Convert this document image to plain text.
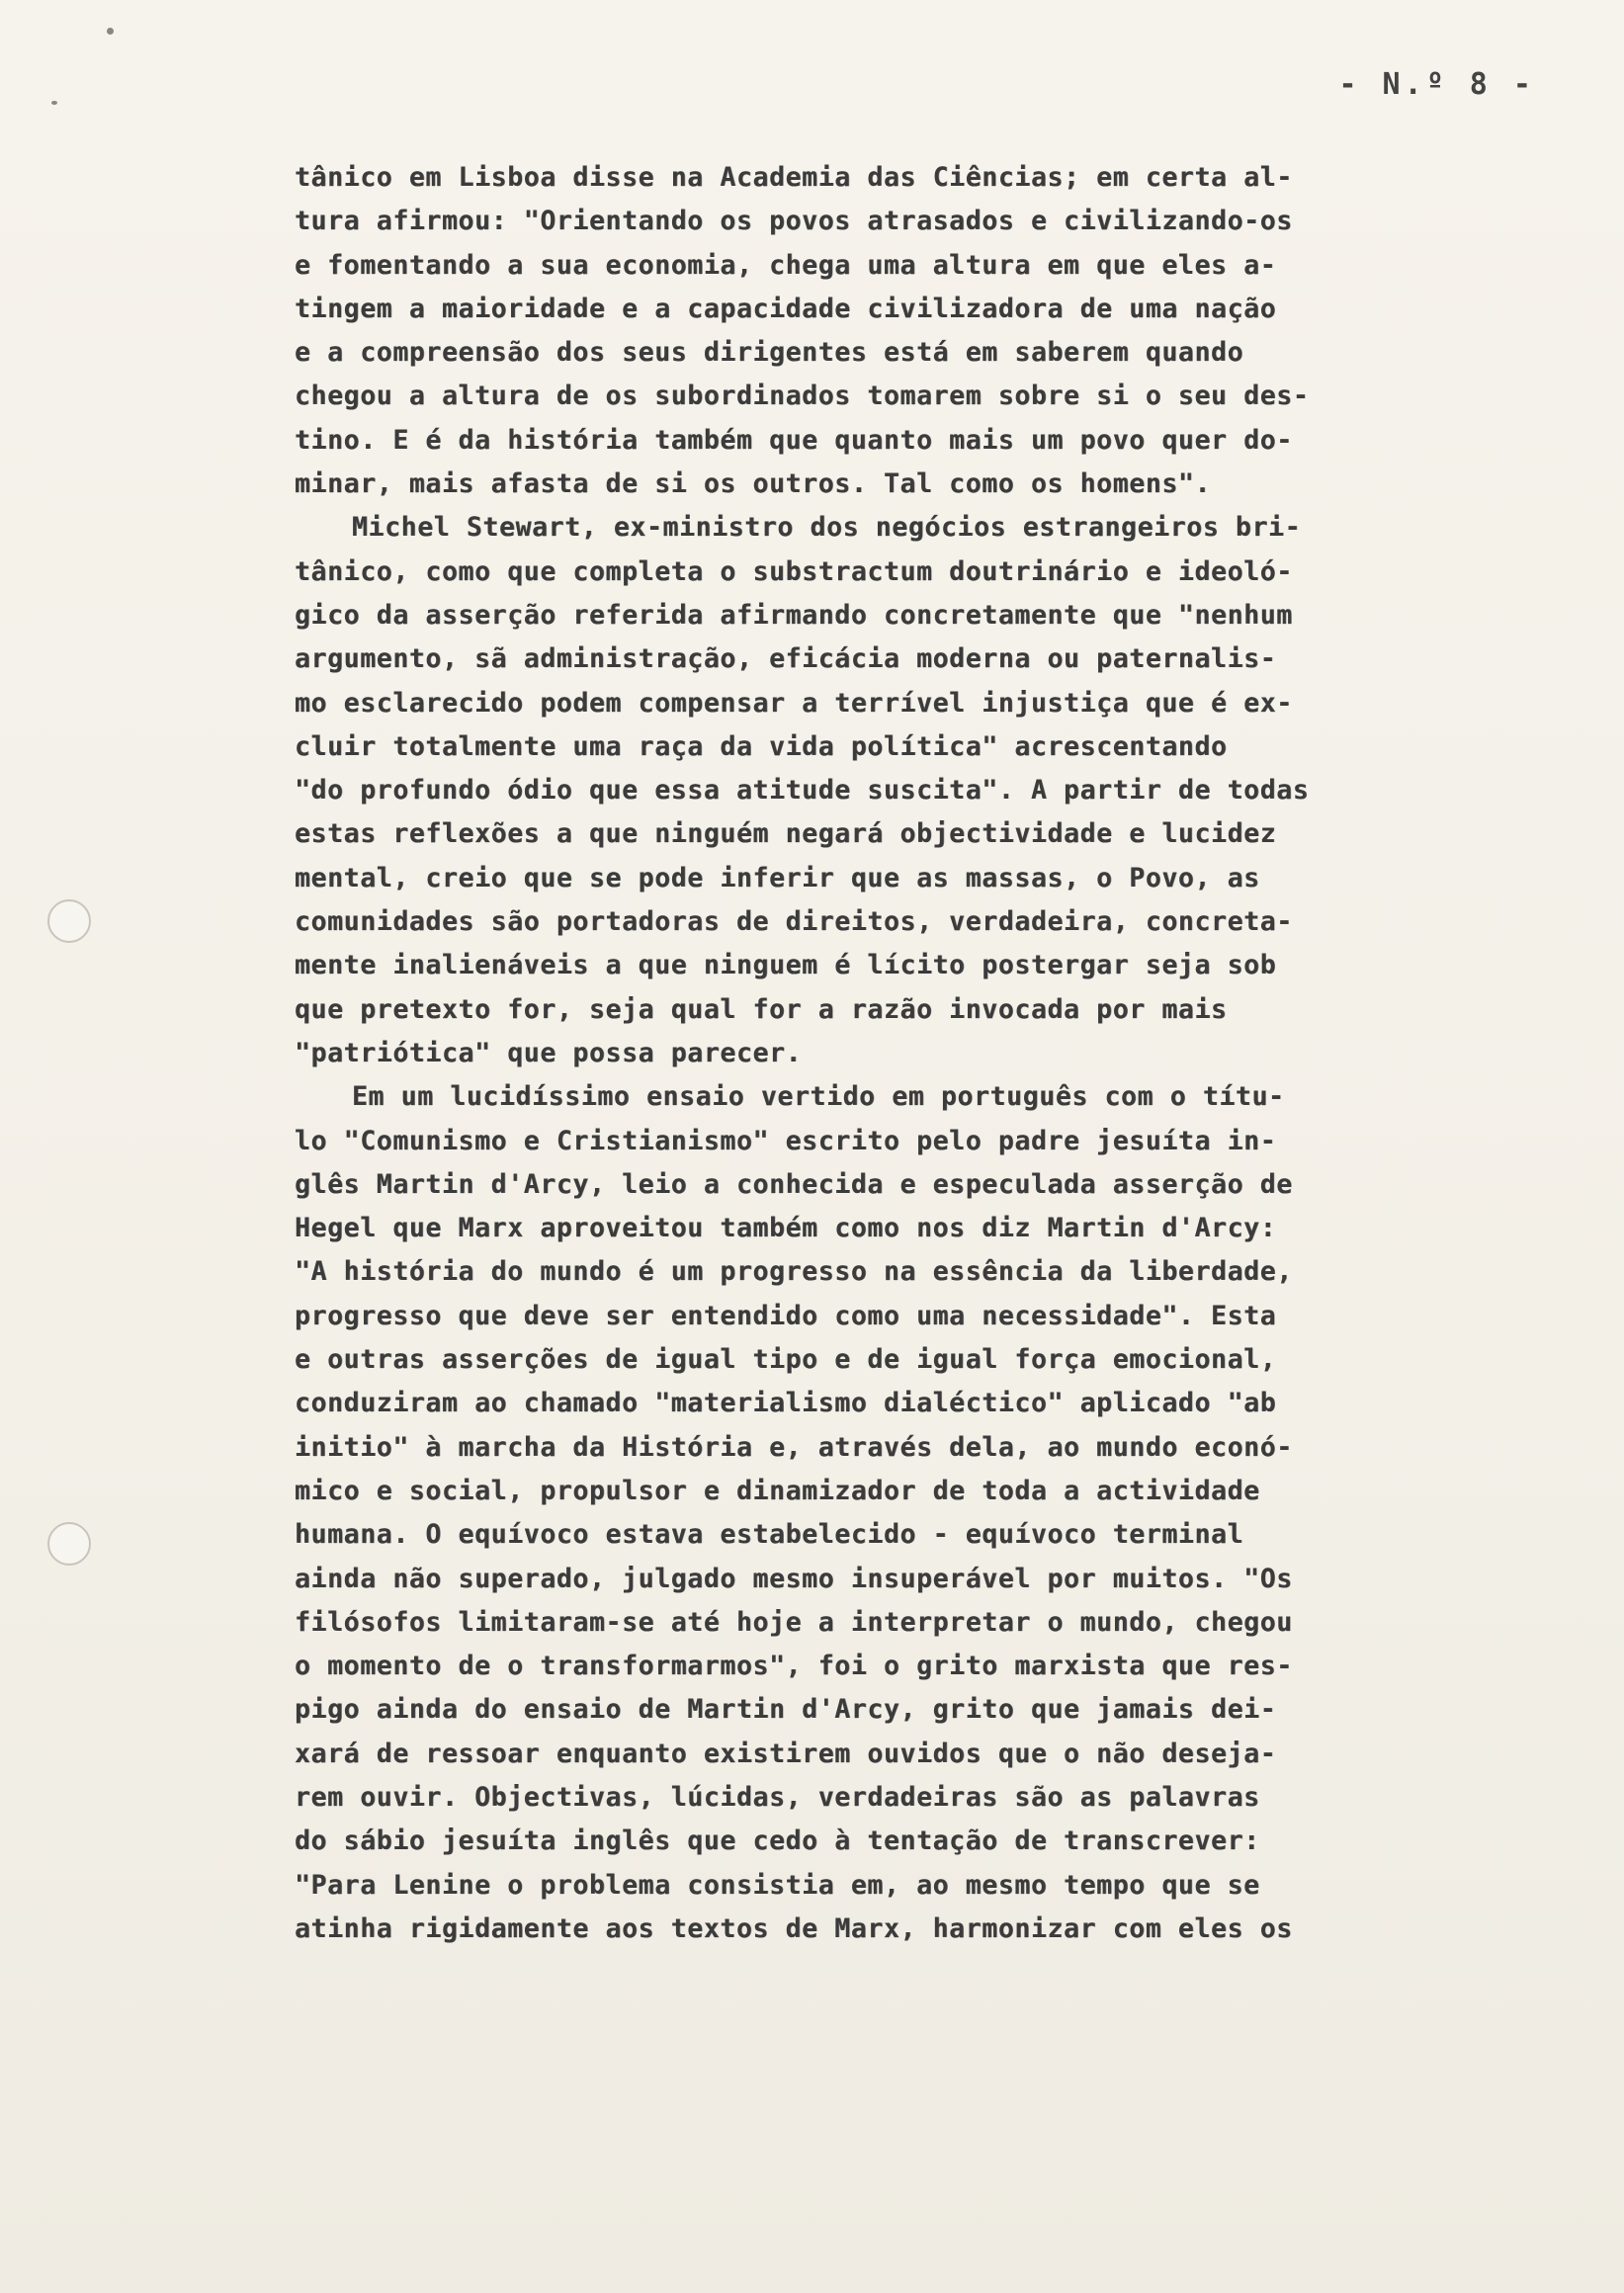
- N.º 8 -
tânico em Lisboa disse na Academia das Ciências; em certa al-
tura afirmou: "Orientando os povos atrasados e civilizando-os
e fomentando a sua economia, chega uma altura em que eles a-
tingem a maioridade e a capacidade civilizadora de uma nação
e a compreensão dos seus dirigentes está em saberem quando
chegou a altura de os subordinados tomarem sobre si o seu des-
tino. E é da história também que quanto mais um povo quer do-
minar, mais afasta de si os outros. Tal como os homens".
Michel Stewart, ex-ministro dos negócios estrangeiros bri-
tânico, como que completa o substractum doutrinário e ideoló-
gico da asserção referida afirmando concretamente que "nenhum
argumento, sã administração, eficácia moderna ou paternalis-
mo esclarecido podem compensar a terrível injustiça que é ex-
cluir totalmente uma raça da vida política" acrescentando
"do profundo ódio que essa atitude suscita". A partir de todas
estas reflexões a que ninguém negará objectividade e lucidez
mental, creio que se pode inferir que as massas, o Povo, as
comunidades são portadoras de direitos, verdadeira, concreta-
mente inalienáveis a que ninguem é lícito postergar seja sob
que pretexto for, seja qual for a razão invocada por mais
"patriótica" que possa parecer.
Em um lucidíssimo ensaio vertido em português com o títu-
lo "Comunismo e Cristianismo" escrito pelo padre jesuíta in-
glês Martin d'Arcy, leio a conhecida e especulada asserção de
Hegel que Marx aproveitou também como nos diz Martin d'Arcy:
"A história do mundo é um progresso na essência da liberdade,
progresso que deve ser entendido como uma necessidade". Esta
e outras asserções de igual tipo e de igual força emocional,
conduziram ao chamado "materialismo dialéctico" aplicado "ab
initio" à marcha da História e, através dela, ao mundo econó-
mico e social, propulsor e dinamizador de toda a actividade
humana. O equívoco estava estabelecido - equívoco terminal
ainda não superado, julgado mesmo insuperável por muitos. "Os
filósofos limitaram-se até hoje a interpretar o mundo, chegou
o momento de o transformarmos", foi o grito marxista que res-
pigo ainda do ensaio de Martin d'Arcy, grito que jamais dei-
xará de ressoar enquanto existirem ouvidos que o não deseja-
rem ouvir. Objectivas, lúcidas, verdadeiras são as palavras
do sábio jesuíta inglês que cedo à tentação de transcrever:
"Para Lenine o problema consistia em, ao mesmo tempo que se
atinha rigidamente aos textos de Marx, harmonizar com eles os
